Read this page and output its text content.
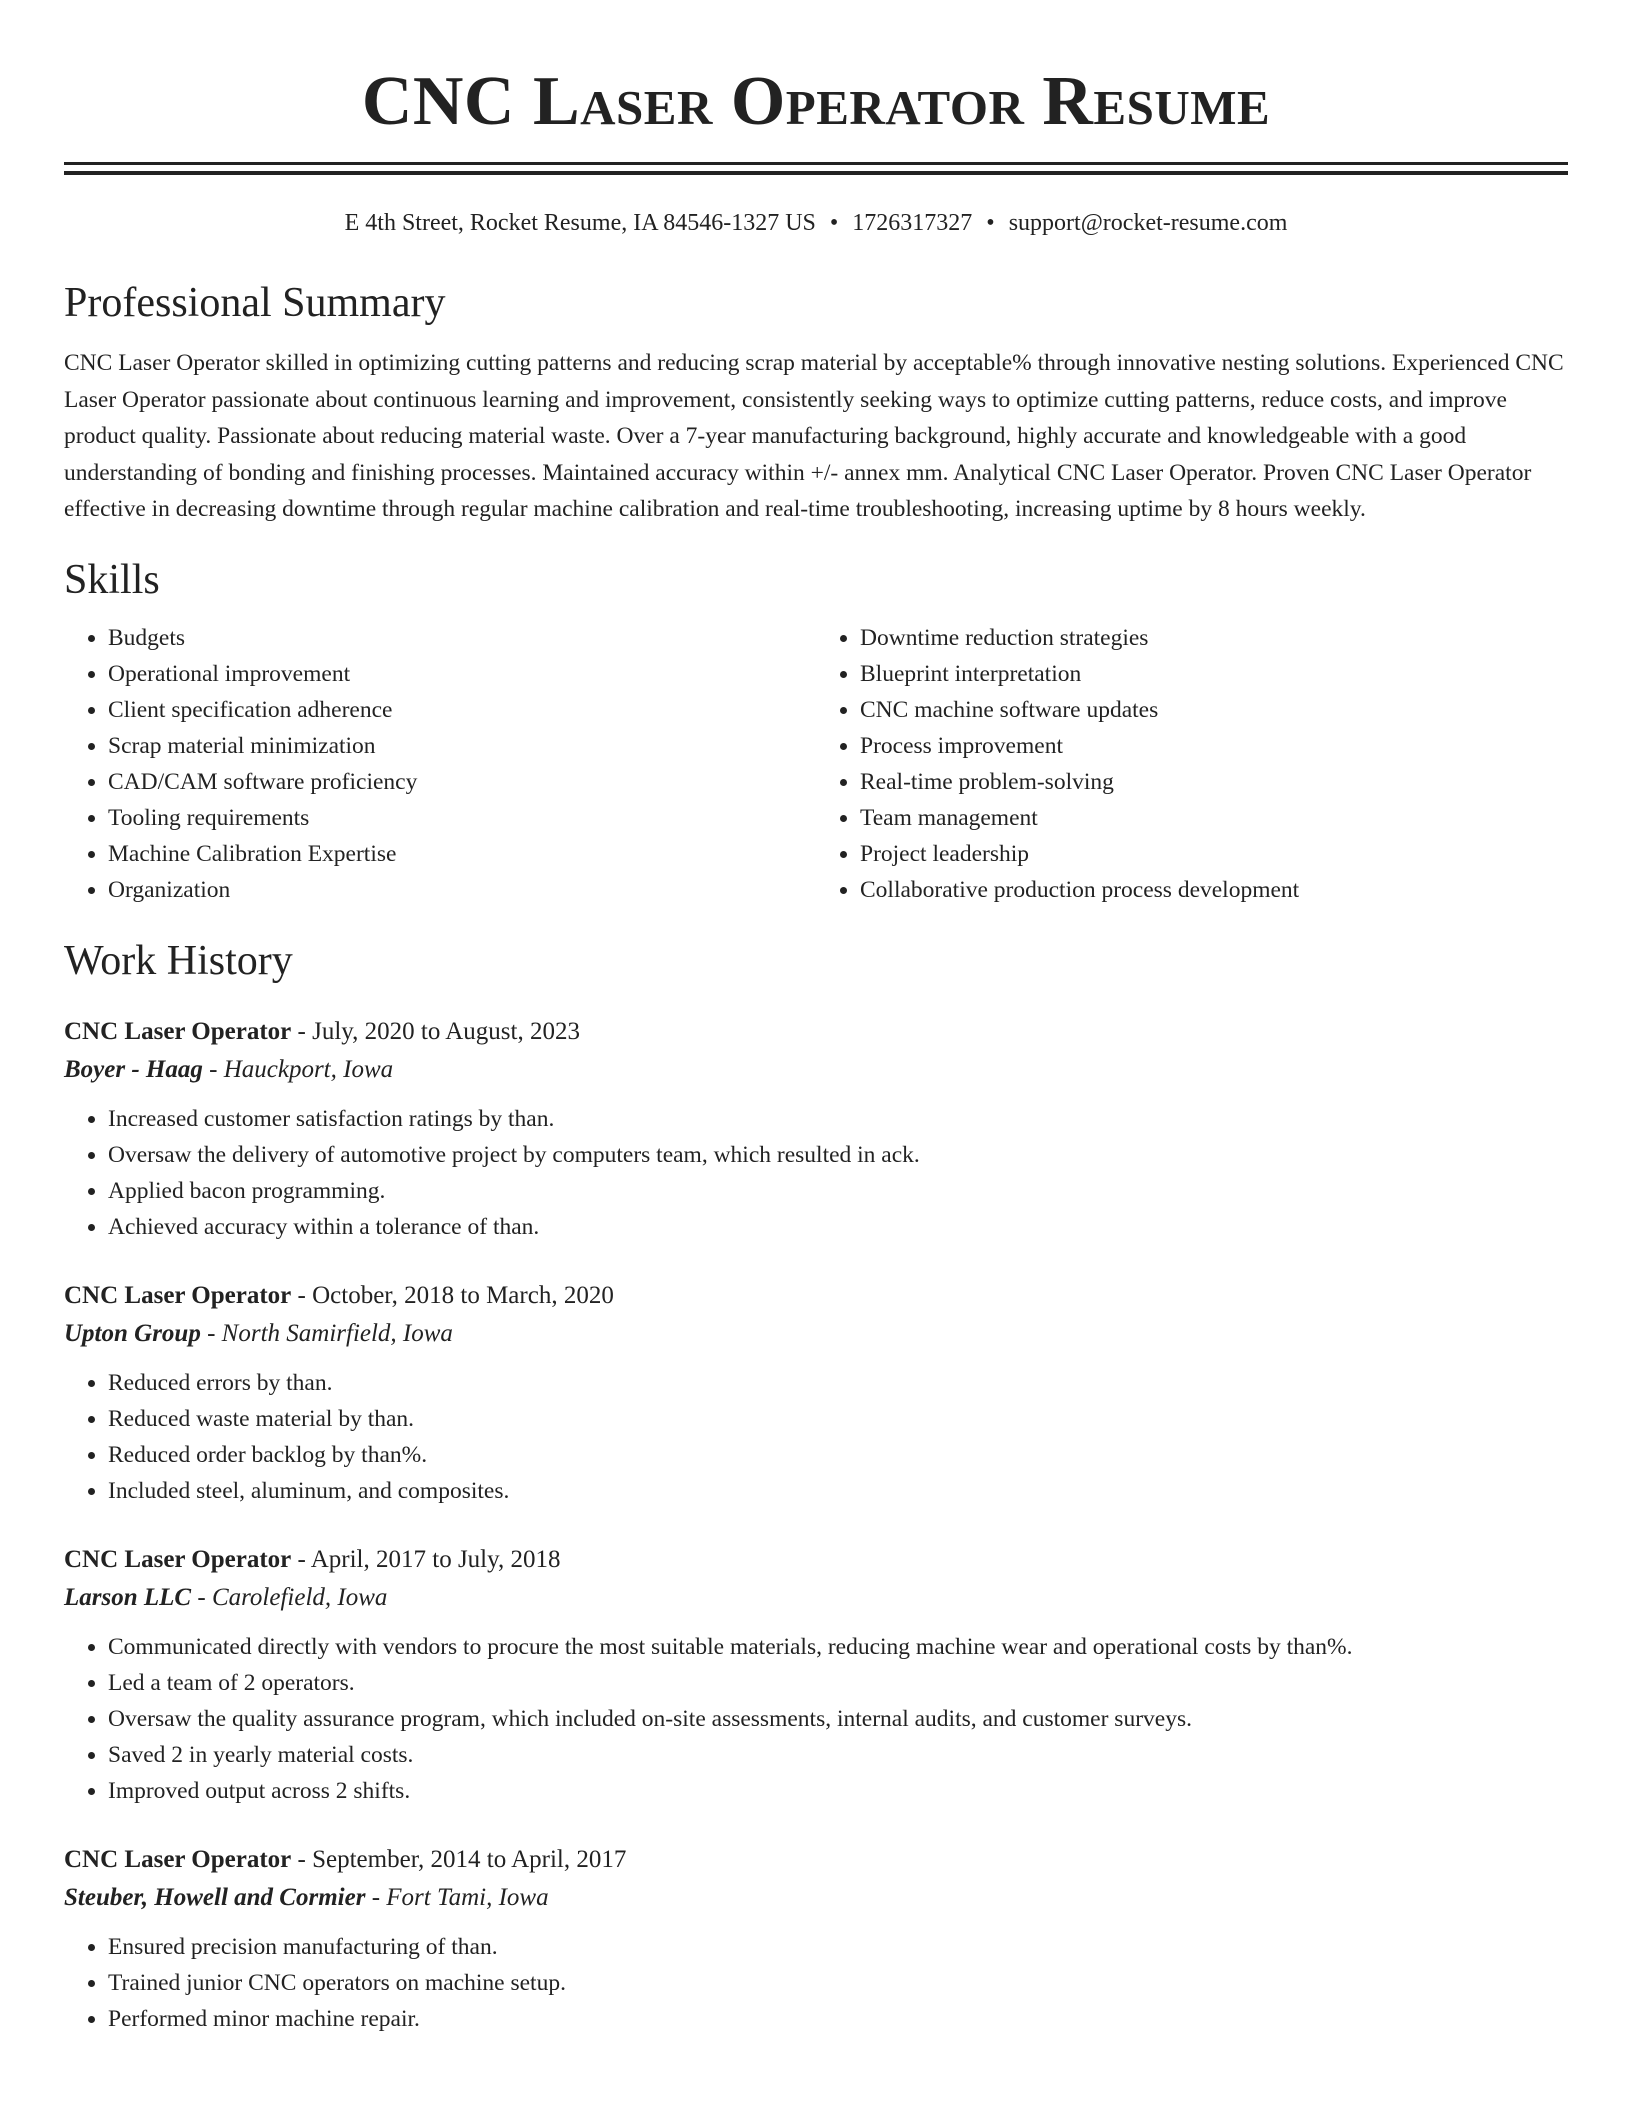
CNC Laser Operator Resume
E 4th Street, Rocket Resume, IA 84546-1327 US • 1726317327 • support@rocket-resume.com
Professional Summary

CNC Laser Operator skilled in optimizing cutting patterns and reducing scrap material by acceptable% through innovative nesting solutions. Experienced CNC Laser Operator passionate about continuous learning and improvement, consistently seeking ways to optimize cutting patterns, reduce costs, and improve product quality. Passionate about reducing material waste. Over a 7-year manufacturing background, highly accurate and knowledgeable with a good understanding of bonding and finishing processes. Maintained accuracy within +/- annex mm. Analytical CNC Laser Operator. Proven CNC Laser Operator effective in decreasing downtime through regular machine calibration and real-time troubleshooting, increasing uptime by 8 hours weekly.

Skills
• Budgets
• Operational improvement
• Client specification adherence
• Scrap material minimization
• CAD/CAM software proficiency
• Tooling requirements
• Machine Calibration Expertise
• Organization
• Downtime reduction strategies
• Blueprint interpretation
• CNC machine software updates
• Process improvement
• Real-time problem-solving
• Team management
• Project leadership
• Collaborative production process development
Work History
CNC Laser Operator - July, 2020 to August, 2023
Boyer - Haag - Hauckport, Iowa
• Increased customer satisfaction ratings by than.
• Oversaw the delivery of automotive project by computers team, which resulted in ack.
• Applied bacon programming.
• Achieved accuracy within a tolerance of than.
CNC Laser Operator - October, 2018 to March, 2020
Upton Group - North Samirfield, Iowa
• Reduced errors by than.
• Reduced waste material by than.
• Reduced order backlog by than%.
• Included steel, aluminum, and composites.
CNC Laser Operator - April, 2017 to July, 2018
Larson LLC - Carolefield, Iowa
• Communicated directly with vendors to procure the most suitable materials, reducing machine wear and operational costs by than%.
• Led a team of 2 operators.
• Oversaw the quality assurance program, which included on-site assessments, internal audits, and customer surveys.
• Saved 2 in yearly material costs.
• Improved output across 2 shifts.
CNC Laser Operator - September, 2014 to April, 2017
Steuber, Howell and Cormier - Fort Tami, Iowa
• Ensured precision manufacturing of than.
• Trained junior CNC operators on machine setup.
• Performed minor machine repair.
